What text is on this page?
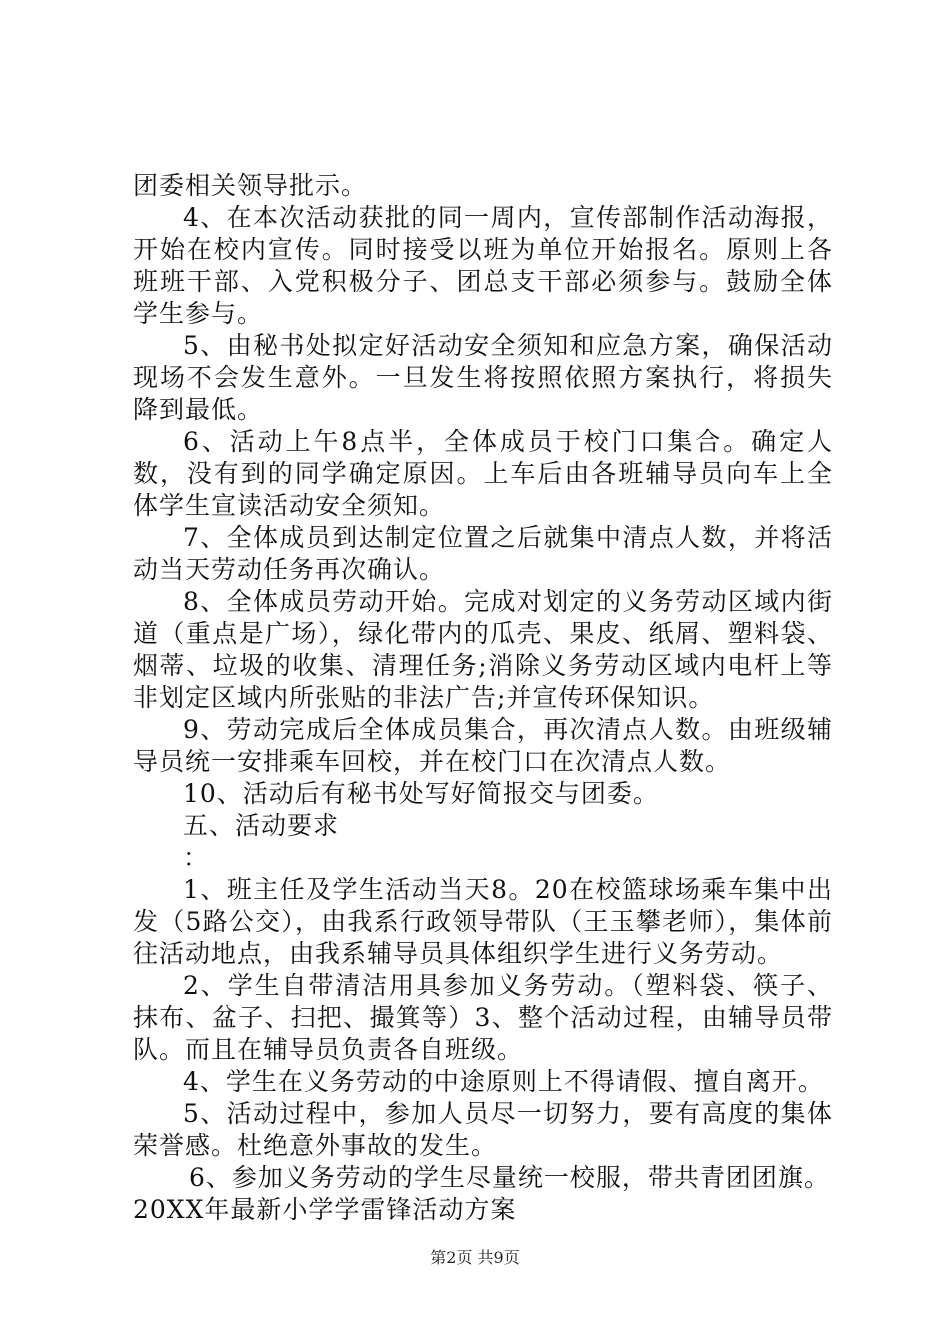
团委相关领导批示。

4、在本次活动获批的同一周内，宣传部制作活动海报，开始在校内宣传。同时接受以班为单位开始报名。原则上各班班干部、入党积极分子、团总支干部必须参与。鼓励全体学生参与。

5、由秘书处拟定好活动安全须知和应急方案，确保活动现场不会发生意外。一旦发生将按照依照方案执行，将损失降到最低。

6、活动上午8点半，全体成员于校门口集合。确定人数，没有到的同学确定原因。上车后由各班辅导员向车上全体学生宣读活动安全须知。

7、全体成员到达制定位置之后就集中清点人数，并将活动当天劳动任务再次确认。

8、全体成员劳动开始。完成对划定的义务劳动区域内街道（重点是广场），绿化带内的瓜壳、果皮、纸屑、塑料袋、烟蒂、垃圾的收集、清理任务;消除义务劳动区域内电杆上等非划定区域内所张贴的非法广告;并宣传环保知识。

9、劳动完成后全体成员集合，再次清点人数。由班级辅导员统一安排乘车回校，并在校门口在次清点人数。

10、活动后有秘书处写好简报交与团委。

五、活动要求

：

1、班主任及学生活动当天8。20在校篮球场乘车集中出发（5路公交），由我系行政领导带队（王玉攀老师），集体前往活动地点，由我系辅导员具体组织学生进行义务劳动。

2、学生自带清洁用具参加义务劳动。（塑料袋、筷子、抹布、盆子、扫把、撮箕等）3、整个活动过程，由辅导员带队。而且在辅导员负责各自班级。

4、学生在义务劳动的中途原则上不得请假、擅自离开。

5、活动过程中，参加人员尽一切努力，要有高度的集体荣誉感。杜绝意外事故的发生。

6、参加义务劳动的学生尽量统一校服，带共青团团旗。

20XX年最新小学学雷锋活动方案

第2页 共9页
